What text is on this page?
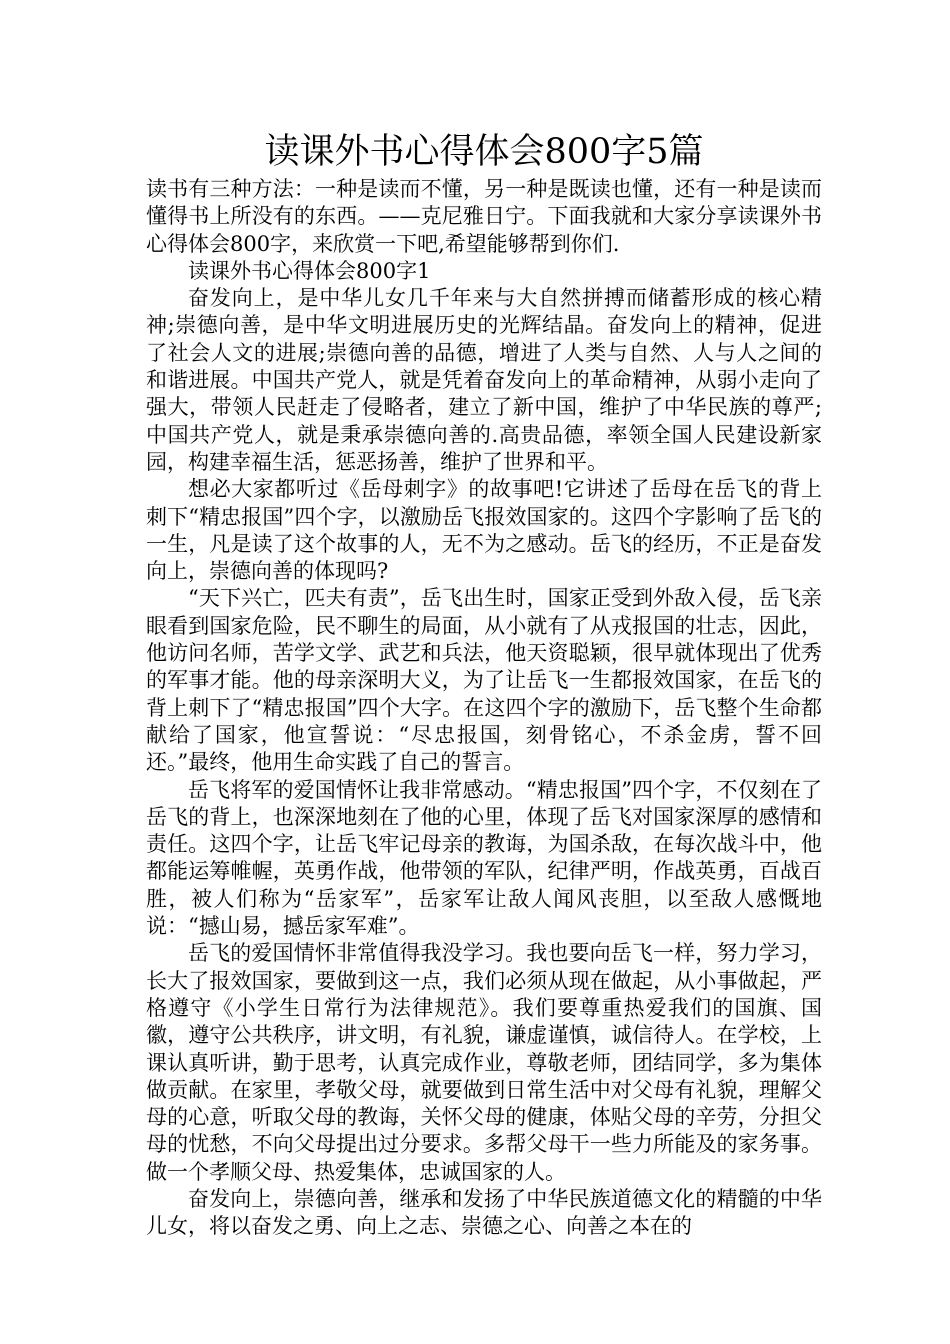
读课外书心得体会800字5篇

读书有三种方法：一种是读而不懂，另一种是既读也懂，还有一种是读而懂得书上所没有的东西。——克尼雅日宁。下面我就和大家分享读课外书心得体会800字，来欣赏一下吧,希望能够帮到你们.

读课外书心得体会800字1

奋发向上，是中华儿女几千年来与大自然拼搏而储蓄形成的核心精神;崇德向善，是中华文明进展历史的光辉结晶。奋发向上的精神，促进了社会人文的进展;崇德向善的品德，增进了人类与自然、人与人之间的和谐进展。中国共产党人，就是凭着奋发向上的革命精神，从弱小走向了强大，带领人民赶走了侵略者，建立了新中国，维护了中华民族的尊严;中国共产党人，就是秉承崇德向善的.高贵品德，率领全国人民建设新家园，构建幸福生活，惩恶扬善，维护了世界和平。

想必大家都听过《岳母刺字》的故事吧!它讲述了岳母在岳飞的背上刺下“精忠报国”四个字，以激励岳飞报效国家的。这四个字影响了岳飞的一生，凡是读了这个故事的人，无不为之感动。岳飞的经历，不正是奋发向上，崇德向善的体现吗?

“天下兴亡，匹夫有责”，岳飞出生时，国家正受到外敌入侵，岳飞亲眼看到国家危险，民不聊生的局面，从小就有了从戎报国的壮志，因此，他访问名师，苦学文学、武艺和兵法，他天资聪颖，很早就体现出了优秀的军事才能。他的母亲深明大义，为了让岳飞一生都报效国家，在岳飞的背上刺下了“精忠报国”四个大字。在这四个字的激励下，岳飞整个生命都献给了国家，他宣誓说：“尽忠报国，刻骨铭心，不杀金虏，誓不回还。”最终，他用生命实践了自己的誓言。

岳飞将军的爱国情怀让我非常感动。“精忠报国”四个字，不仅刻在了岳飞的背上，也深深地刻在了他的心里，体现了岳飞对国家深厚的感情和责任。这四个字，让岳飞牢记母亲的教诲，为国杀敌，在每次战斗中，他都能运筹帷幄，英勇作战，他带领的军队，纪律严明，作战英勇，百战百胜，被人们称为“岳家军”，岳家军让敌人闻风丧胆，以至敌人感慨地说：“撼山易，撼岳家军难”。

岳飞的爱国情怀非常值得我没学习。我也要向岳飞一样，努力学习，长大了报效国家，要做到这一点，我们必须从现在做起，从小事做起，严格遵守《小学生日常行为法律规范》。我们要尊重热爱我们的国旗、国徽，遵守公共秩序，讲文明，有礼貌，谦虚谨慎，诚信待人。在学校，上课认真听讲，勤于思考，认真完成作业，尊敬老师，团结同学，多为集体做贡献。在家里，孝敬父母，就要做到日常生活中对父母有礼貌，理解父母的心意，听取父母的教诲，关怀父母的健康，体贴父母的辛劳，分担父母的忧愁，不向父母提出过分要求。多帮父母干一些力所能及的家务事。做一个孝顺父母、热爱集体，忠诚国家的人。

奋发向上，崇德向善，继承和发扬了中华民族道德文化的精髓的中华儿女，将以奋发之勇、向上之志、崇德之心、向善之本在的
